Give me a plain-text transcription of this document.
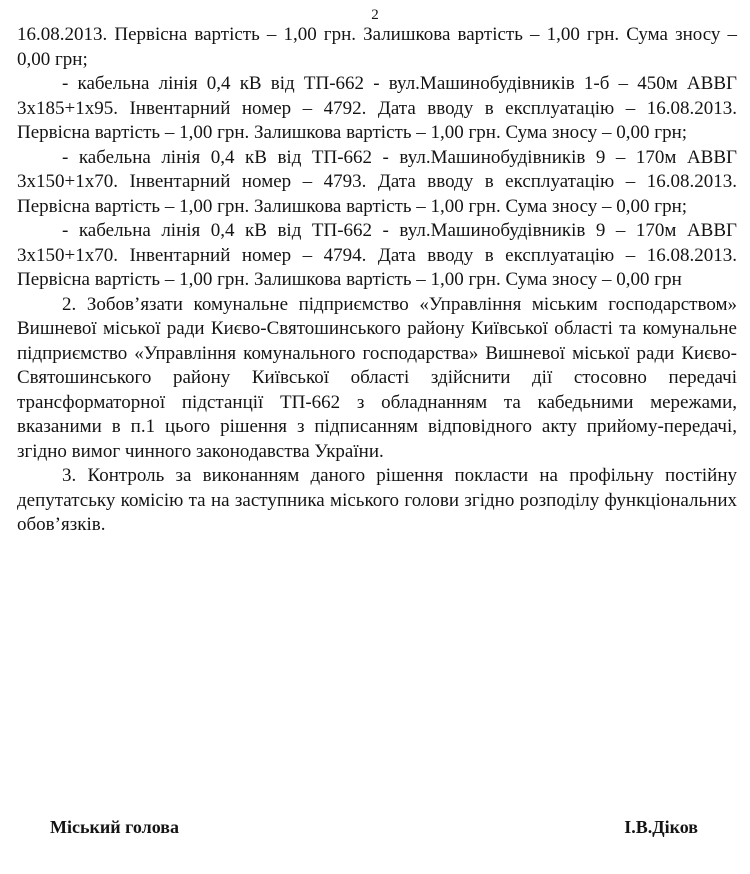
2

16.08.2013. Первісна вартість – 1,00 грн. Залишкова вартість – 1,00 грн. Сума зносу – 0,00 грн;

- кабельна лінія 0,4 кВ від ТП-662 - вул.Машинобудівників 1-б – 450м АВВГ 3х185+1х95. Інвентарний номер – 4792. Дата вводу в експлуатацію – 16.08.2013. Первісна вартість – 1,00 грн. Залишкова вартість – 1,00 грн. Сума зносу – 0,00 грн;

- кабельна лінія 0,4 кВ від ТП-662 - вул.Машинобудівників 9 – 170м АВВГ 3х150+1х70. Інвентарний номер – 4793. Дата вводу в експлуатацію – 16.08.2013. Первісна вартість – 1,00 грн. Залишкова вартість – 1,00 грн. Сума зносу – 0,00 грн;

- кабельна лінія 0,4 кВ від ТП-662 - вул.Машинобудівників 9 – 170м АВВГ 3х150+1х70. Інвентарний номер – 4794. Дата вводу в експлуатацію – 16.08.2013. Первісна вартість – 1,00 грн. Залишкова вартість – 1,00 грн. Сума зносу – 0,00 грн

2. Зобов’язати комунальне підприємство «Управління міським господарством» Вишневої міської ради Києво-Святошинського району Київської області та комунальне підприємство «Управління комунального господарства» Вишневої міської ради Києво-Святошинського району Київської області здійснити дії стосовно передачі трансформаторної підстанції ТП-662 з обладнанням та кабедьними мережами, вказаними в п.1 цього рішення з підписанням відповідного акту прийому-передачі, згідно вимог чинного законодавства України.

3. Контроль за виконанням даного рішення покласти на профільну постійну депутатську комісію та на заступника міського голови згідно розподілу функціональних обов’язків.

Міський голова	І.В.Діков
